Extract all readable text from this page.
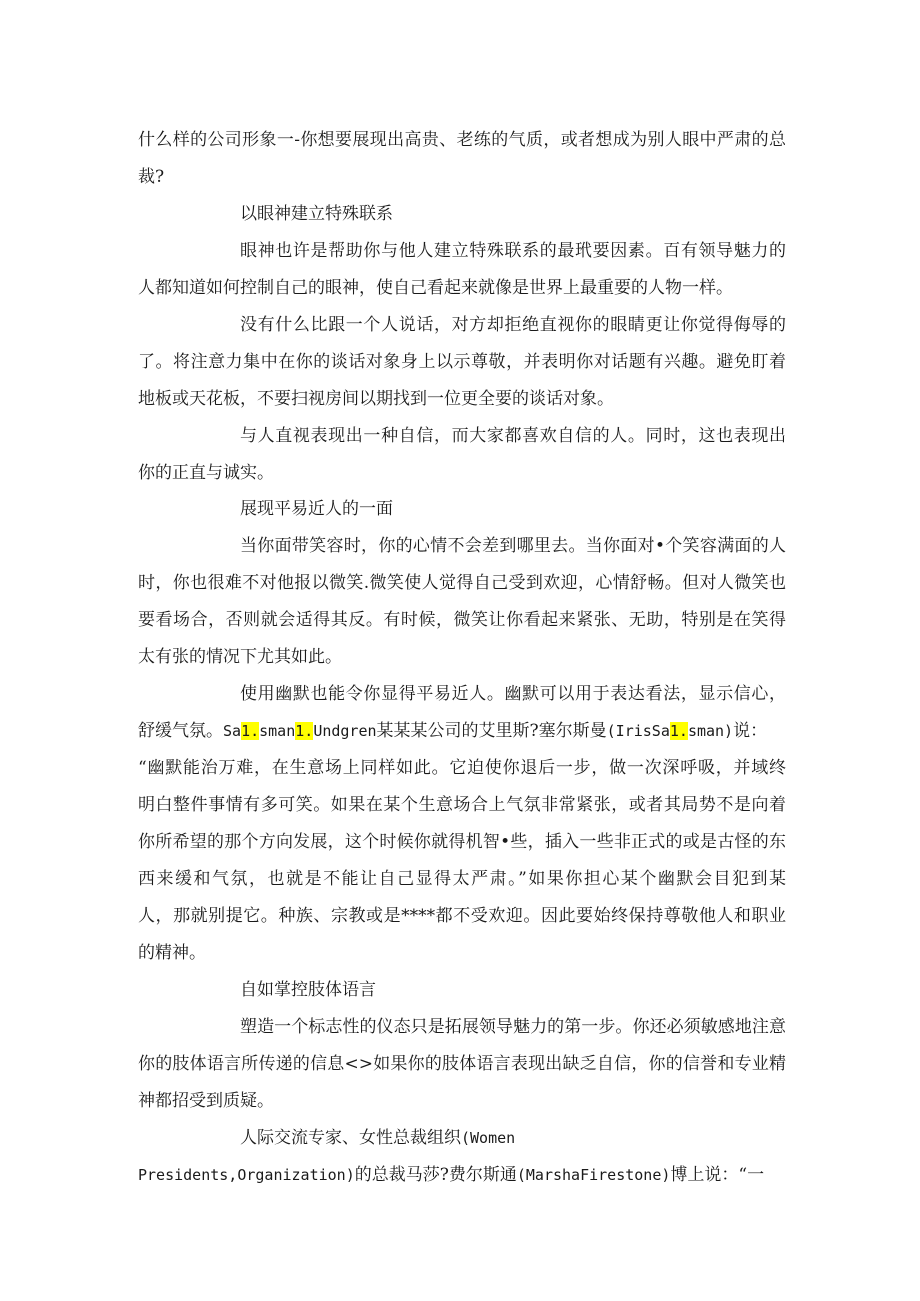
什么样的公司形象一-你想要展现出高贵、老练的气质，或者想成为别人眼中严肃的总
裁?
以眼神建立特殊联系
眼神也许是帮助你与他人建立特殊联系的最玳要因素。百有领导魅力的
人都知道如何控制自己的眼神，使自己看起来就像是世界上最重要的人物一样。
没有什么比跟一个人说话，对方却拒绝直视你的眼睛更让你觉得侮辱的
了。将注意力集中在你的谈话对象身上以示尊敬，并表明你对话题有兴趣。避免盯着
地板或天花板，不要扫视房间以期找到一位更全要的谈话对象。
与人直视表现出一种自信，而大家都喜欢自信的人。同时，这也表现出
你的正直与诚实。
展现平易近人的一面
当你面带笑容时，你的心情不会差到哪里去。当你面对•个笑容满面的人
时，你也很难不对他报以微笑.微笑使人觉得自己受到欢迎，心情舒畅。但对人微笑也
要看场合，否则就会适得其反。有时候，微笑让你看起来紧张、无助，特别是在笑得
太有张的情况下尤其如此。
使用幽默也能令你显得平易近人。幽默可以用于表达看法，显示信心，
舒缓气氛。Sa1.sman1.Undgren某某某公司的艾里斯?塞尔斯曼(IrisSa1.sman)说：
“幽默能治万难，在生意场上同样如此。它迫使你退后一步，做一次深呼吸，并域终
明白整件事情有多可笑。如果在某个生意场合上气氛非常紧张，或者其局势不是向着
你所希望的那个方向发展，这个时候你就得机智•些，插入一些非正式的或是古怪的东
西来缓和气氛，也就是不能让自己显得太严肃。”如果你担心某个幽默会目犯到某
人，那就别提它。种族、宗教或是****都不受欢迎。因此要始终保持尊敬他人和职业
的精神。
自如掌控肢体语言
塑造一个标志性的仪态只是拓展领导魅力的第一步。你还必须敏感地注意
你的肢体语言所传递的信息<>如果你的肢体语言表现出缺乏自信，你的信誉和专业精
神都招受到质疑。
人际交流专家、女性总裁组织(Women
Presidents,Organization)的总裁马莎?费尔斯通(MarshaFirestone)博上说：“一
